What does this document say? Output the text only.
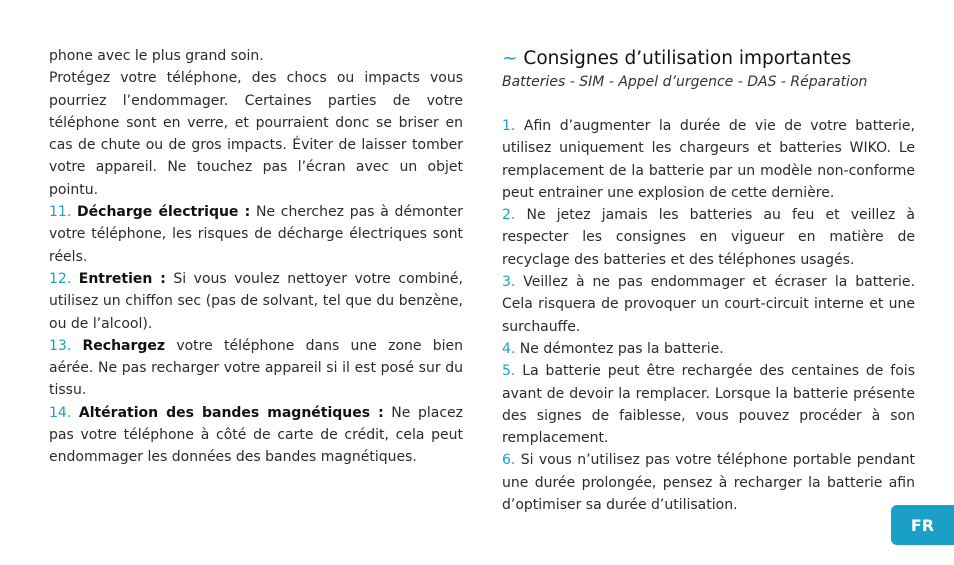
phone avec le plus grand soin.

Protégez votre téléphone, des chocs ou impacts vous pourriez l’endommager. Certaines parties de votre téléphone sont en verre, et pourraient donc se briser en cas de chute ou de gros impacts. Éviter de laisser tomber votre appareil. Ne touchez pas l’écran avec un objet pointu.

11. Décharge électrique : Ne cherchez pas à démonter votre téléphone, les risques de décharge électriques sont réels.

12. Entretien : Si vous voulez nettoyer votre combiné, utilisez un chiffon sec (pas de solvant, tel que du benzène, ou de l’alcool).

13. Rechargez votre téléphone dans une zone bien aérée. Ne pas recharger votre appareil si il est posé sur du tissu.

14. Altération des bandes magnétiques : Ne placez pas votre téléphone à côté de carte de crédit, cela peut endommager les données des bandes magnétiques.

~ Consignes d’utilisation importantes
Batteries - SIM - Appel d’urgence - DAS - Réparation

1. Afin d’augmenter la durée de vie de votre batterie, utilisez uniquement les chargeurs et batteries WIKO. Le remplacement de la batterie par un modèle non-conforme peut entrainer une explosion de cette dernière.

2. Ne jetez jamais les batteries au feu et veillez à respecter les consignes en vigueur en matière de recyclage des batteries et des téléphones usagés.

3. Veillez à ne pas endommager et écraser la batterie. Cela risquera de provoquer un court-circuit interne et une surchauffe.

4. Ne démontez pas la batterie.

5. La batterie peut être rechargée des centaines de fois avant de devoir la remplacer. Lorsque la batterie présente des signes de faiblesse, vous pouvez procéder à son remplacement.

6. Si vous n’utilisez pas votre téléphone portable pendant une durée prolongée, pensez à recharger la batterie afin d’optimiser sa durée d’utilisation.

FR
